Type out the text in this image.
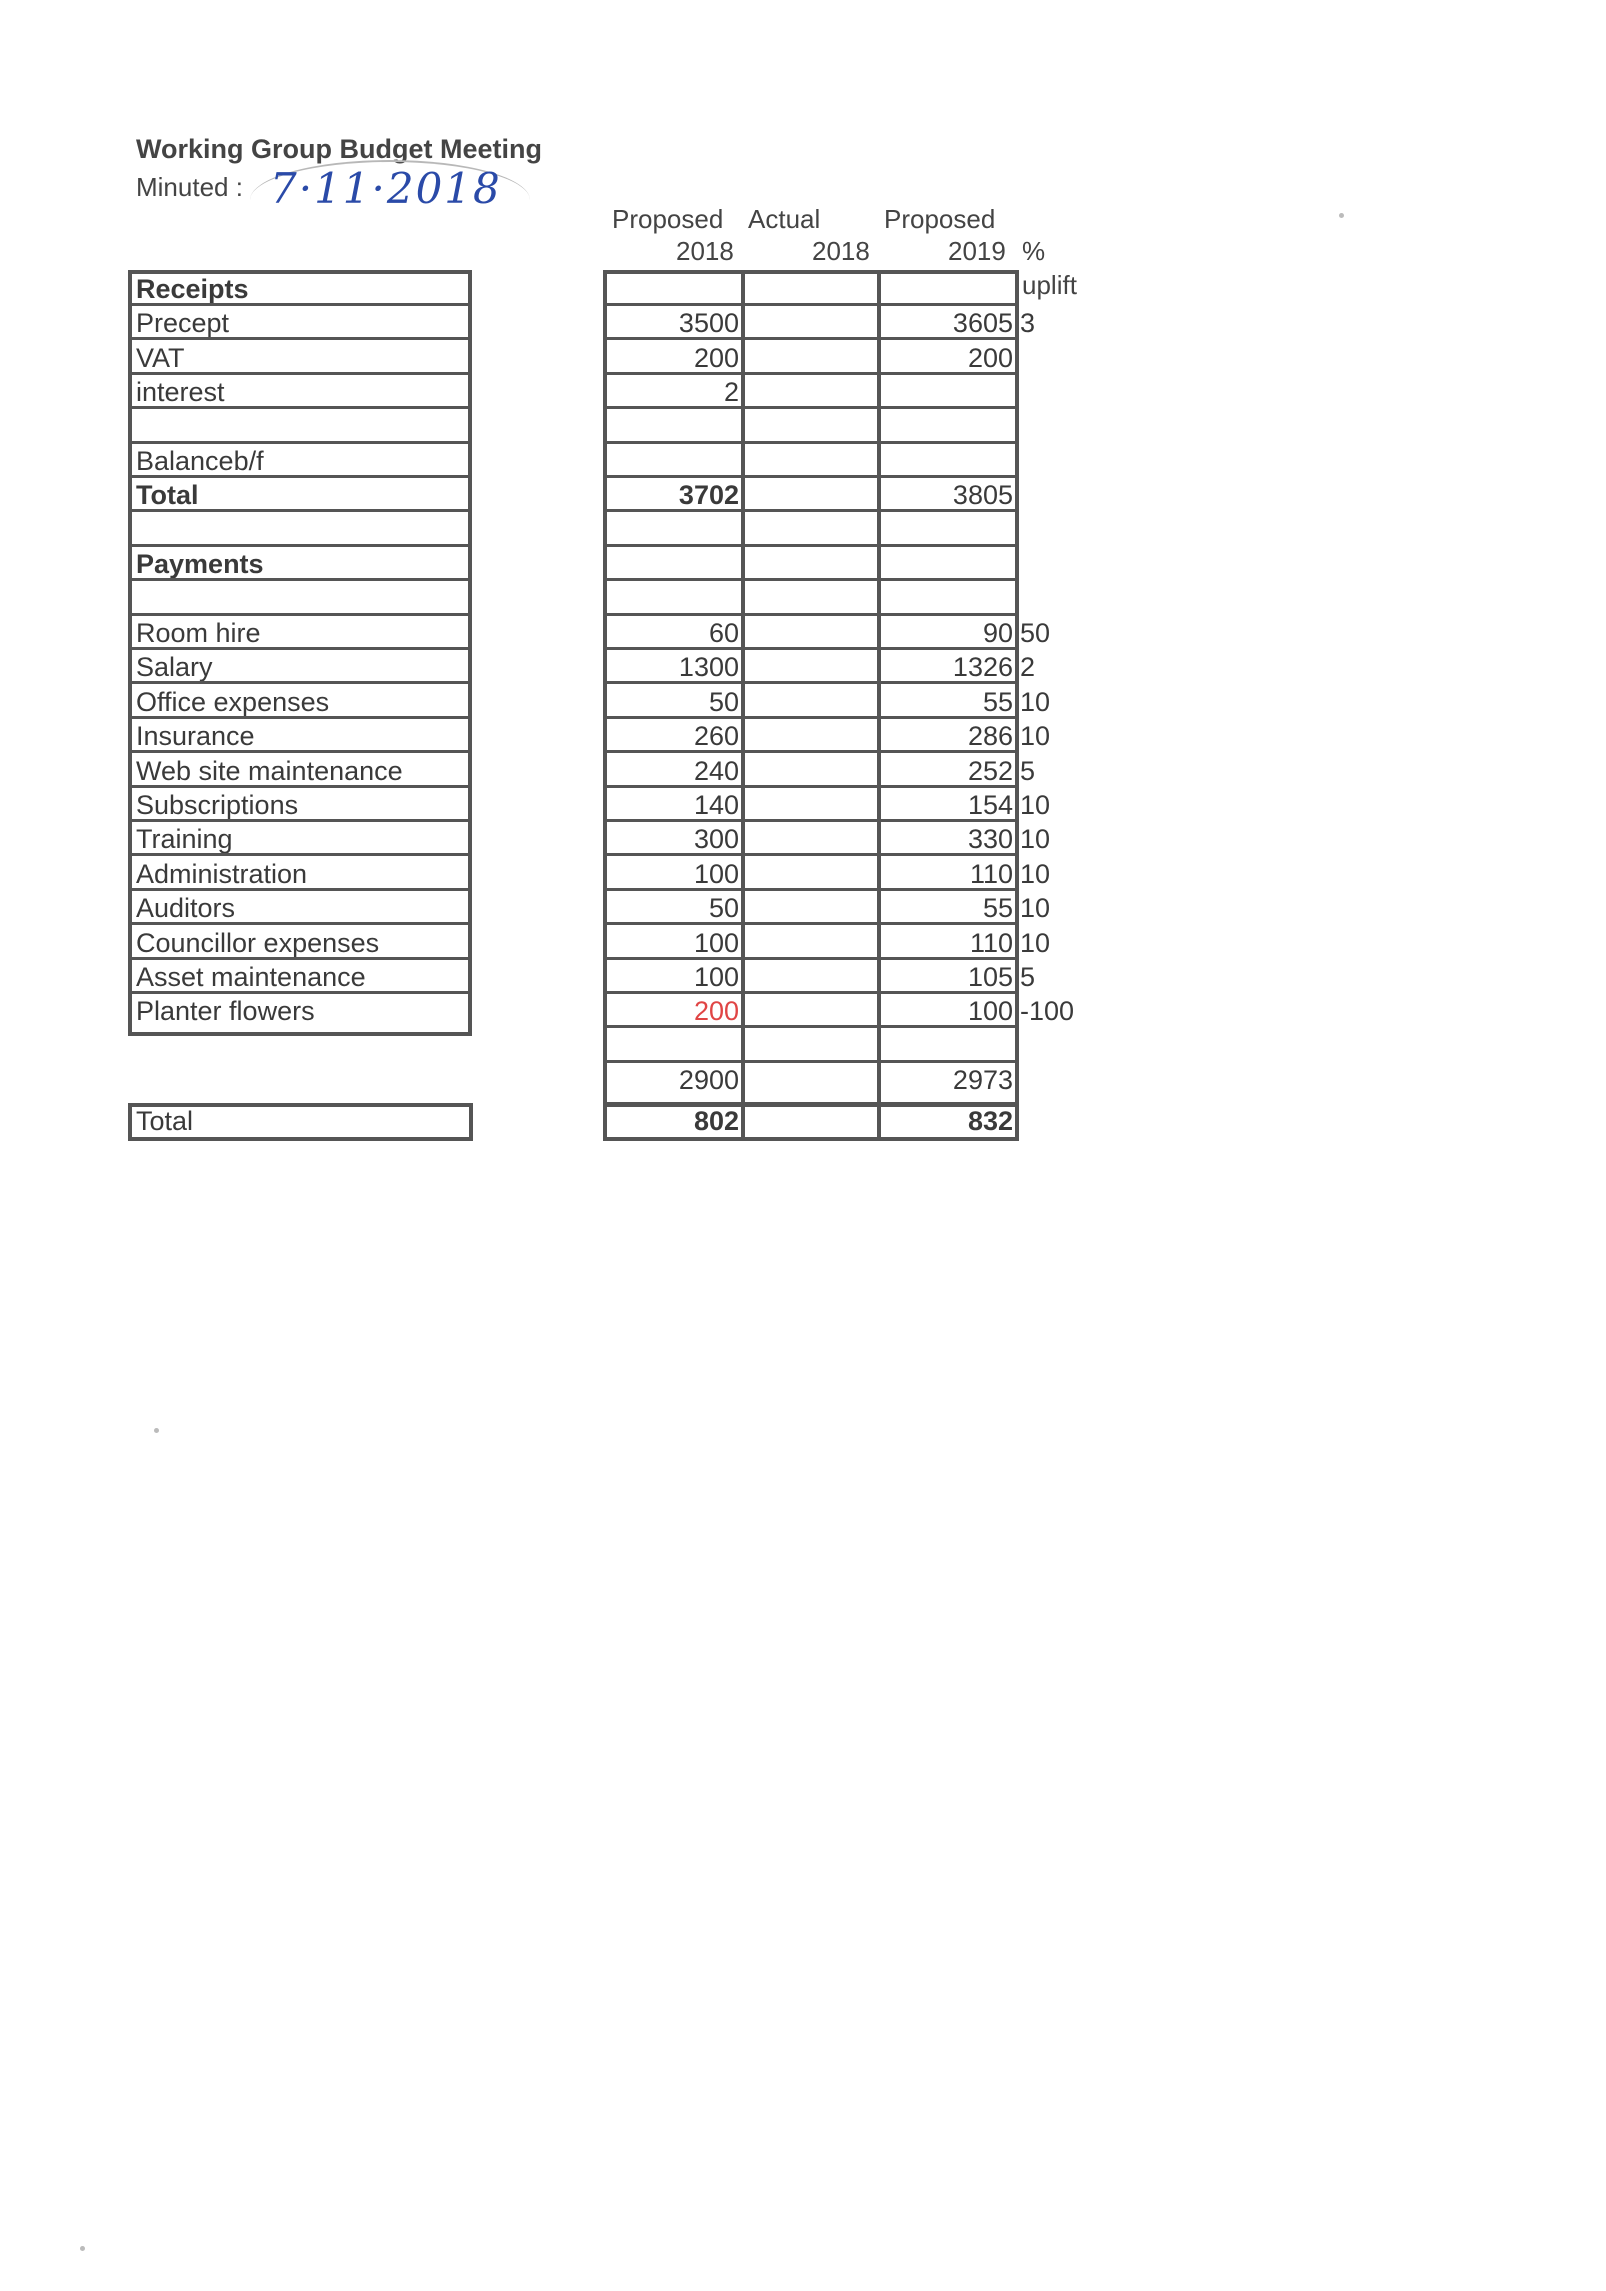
Working Group Budget Meeting
Minuted : 7·11·2018
Proposed
2018
Actual
2018
Proposed
2019 %
uplift
Receipts
Precept
VAT
interest
Balanceb/f
Total
Payments
Room hire
Salary
Office expenses
Insurance
Web site maintenance
Subscriptions
Training
Administration
Auditors
Councillor expenses
Asset maintenance
Planter flowers
3500
200
2
3702
60
1300
50
260
240
140
300
100
50
100
100
200
2900
3605
200
3805
90
1326
55
286
252
154
330
110
55
110
105
100
2973
3
50
2
10
10
5
10
10
10
10
10
5
-100
Total	802	832
